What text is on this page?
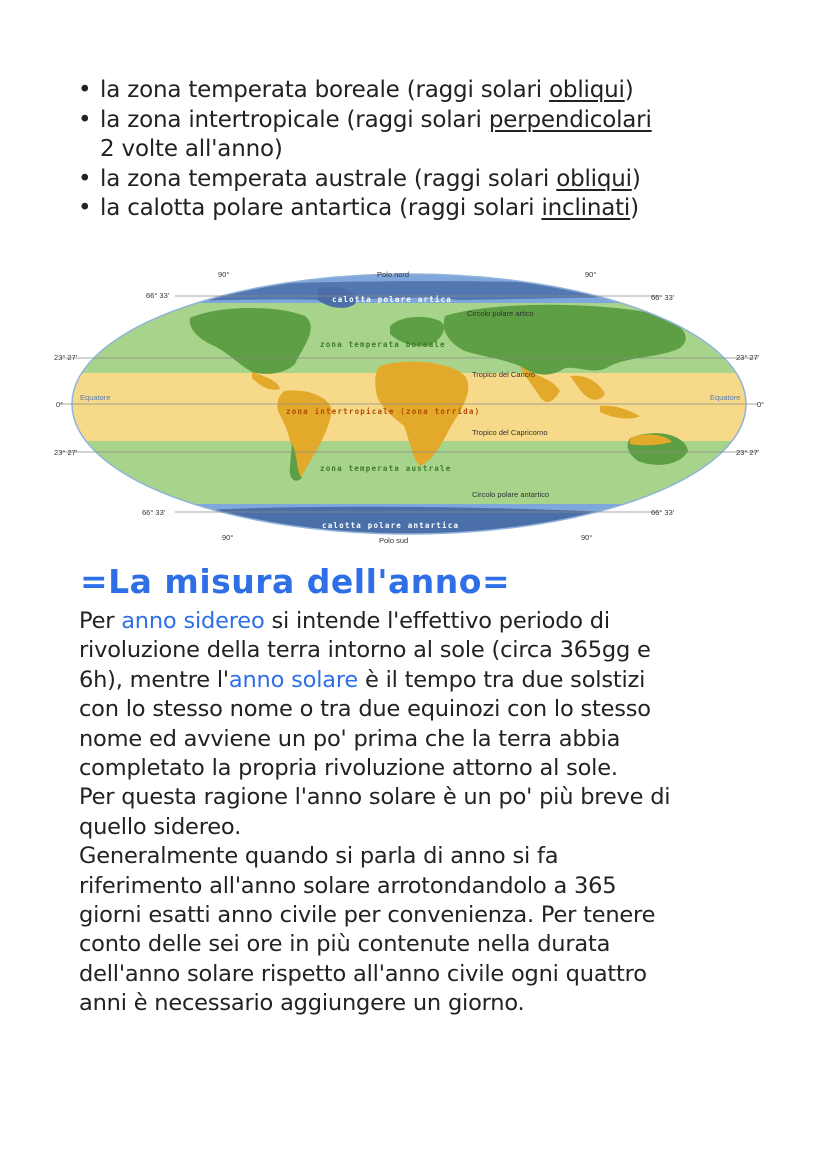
• la zona temperata boreale (raggi solari obliqui)
• la zona intertropicale (raggi solari perpendicolari
2 volte all'anno)
• la zona temperata australe (raggi solari obliqui)
• la calotta polare antartica (raggi solari inclinati)
90°	90°
Polo nord
66° 33'	66° 33'
23° 27'	23° 27'
0°	0°
23° 27'	23° 27'
66° 33'	66° 33'
90°	90°
Polo sud
Equatore	Equatore
Circolo polare artico
Tropico del Cancro
Tropico del Capricorno
Circolo polare antartico
calotta polare artica
zona temperata boreale
zona intertropicale (zona torrida)
zona temperata australe
calotta polare antartica
=La misura dell'anno=
Per anno sidereo si intende l'effettivo periodo di
rivoluzione della terra intorno al sole (circa 365gg e
6h), mentre l'anno solare è il tempo tra due solstizi
con lo stesso nome o tra due equinozi con lo stesso
nome ed avviene un po' prima che la terra abbia
completato la propria rivoluzione attorno al sole.
Per questa ragione l'anno solare è un po' più breve di
quello sidereo.
Generalmente quando si parla di anno si fa
riferimento all'anno solare arrotondandolo a 365
giorni esatti anno civile per convenienza. Per tenere
conto delle sei ore in più contenute nella durata
dell'anno solare rispetto all'anno civile ogni quattro
anni è necessario aggiungere un giorno.
